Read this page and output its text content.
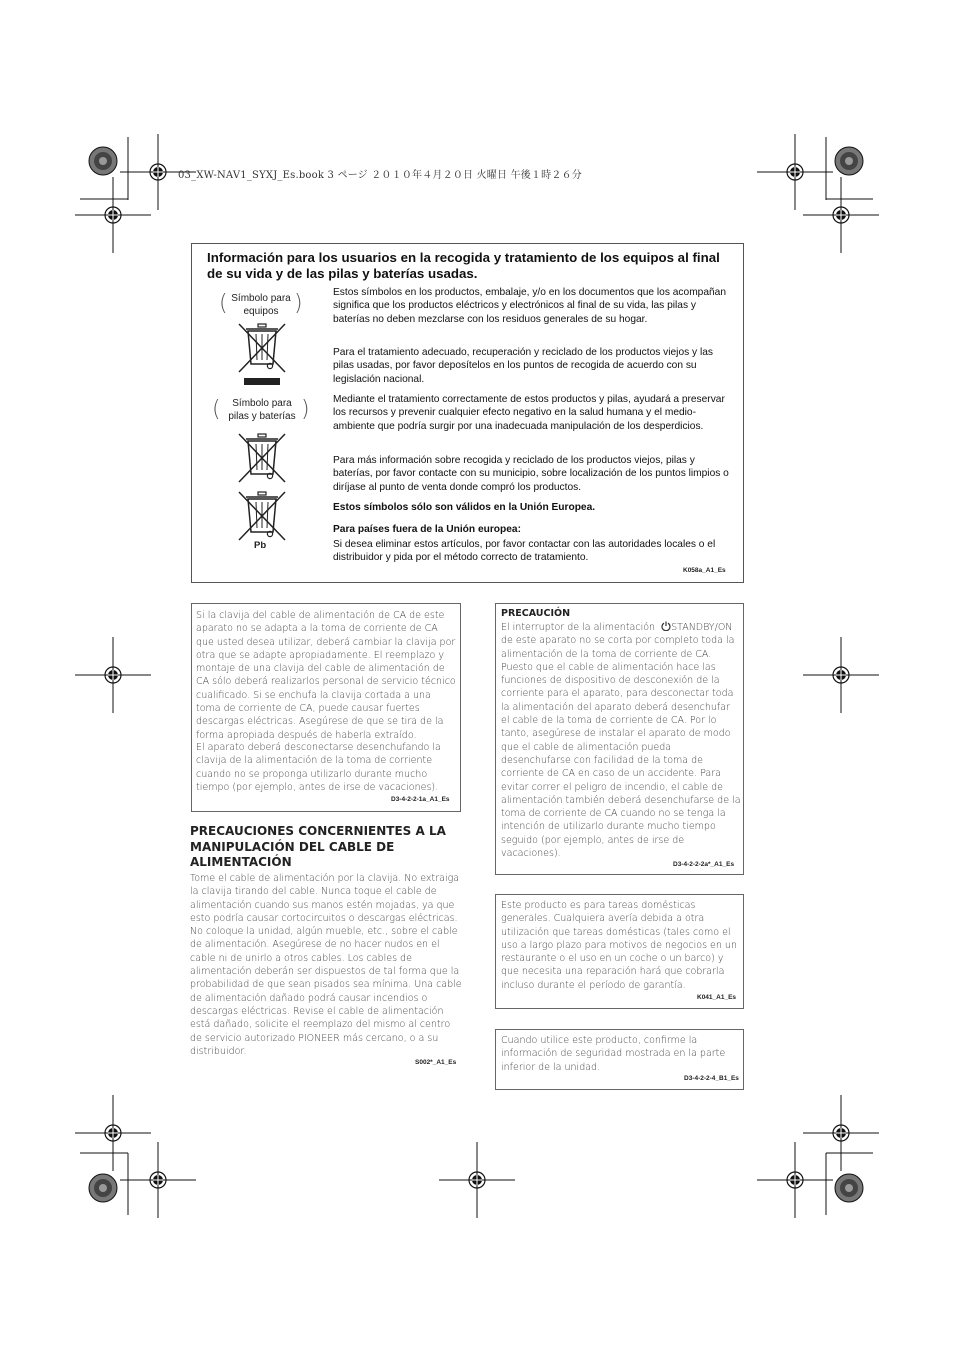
03_XW-NAV1_SYXJ_Es.book 3 ページ ２０１０年４月２０日 火曜日 午後１時２６分
Información para los usuarios en la recogida y tratamiento de los equipos al final de su vida y de las pilas y baterías usadas.
( Símbolo para equipos )
(	Símbolo para pilas y baterías )
Pb

Estos símbolos en los productos, embalaje, y/o en los documentos que los acompañan significa que los productos eléctricos y electrónicos al final de su vida, las pilas y baterías no deben mezclarse con los residuos generales de su hogar.

Para el tratamiento adecuado, recuperación y reciclado de los productos viejos y las pilas usadas, por favor deposítelos en los puntos de recogida de acuerdo con su legislación nacional.

Mediante el tratamiento correctamente de estos productos y pilas, ayudará a preservar los recursos y prevenir cualquier efecto negativo en la salud humana y el medio- ambiente que podría surgir por una inadecuada manipulación de los desperdicios.

Para más información sobre recogida y reciclado de los productos viejos, pilas y baterías, por favor contacte con su municipio, sobre localización de los puntos limpios o diríjase al punto de venta donde compró los productos.

Estos símbolos sólo son válidos en la Unión Europea.

Para países fuera de la Unión europea:

Si desea eliminar estos artículos, por favor contactar con las autoridades locales o el distribuidor y pida por el método correcto de tratamiento.

K058a_A1_Es

Si la clavija del cable de alimentación de CA de este aparato no se adapta a la toma de corriente de CA que usted desea utilizar, deberá cambiar la clavija por otra que se adapte apropiadamente. El reemplazo y montaje de una clavija del cable de alimentación de CA sólo deberá realizarlos personal de servicio técnico cualificado. Si se enchufa la clavija cortada a una toma de corriente de CA, puede causar fuertes descargas eléctricas. Asegúrese de que se tira de la forma apropiada después de haberla extraído.

El aparato deberá desconectarse desenchufando la clavija de la alimentación de la toma de corriente cuando no se proponga utilizarlo durante mucho tiempo (por ejemplo, antes de irse de vacaciones).

D3-4-2-2-1a_A1_Es
PRECAUCIONES CONCERNIENTES A LA MANIPULACIÓN DEL CABLE DE ALIMENTACIÓN

Tome el cable de alimentación por la clavija. No extraiga la clavija tirando del cable. Nunca toque el cable de alimentación cuando sus manos estén mojadas, ya que esto podría causar cortocircuitos o descargas eléctricas. No coloque la unidad, algún mueble, etc., sobre el cable de alimentación. Asegúrese de no hacer nudos en el cable ni de unirlo a otros cables. Los cables de alimentación deberán ser dispuestos de tal forma que la probabilidad de que sean pisados sea mínima. Una cable de alimentación dañado podrá causar incendios o descargas eléctricas. Revise el cable de alimentación está dañado, solicite el reemplazo del mismo al centro de servicio autorizado PIONEER más cercano, o a su distribuidor.

S002*_A1_Es
PRECAUCIÓN
El interruptor de la alimentación STANDBY/ON de este aparato no se corta por completo toda la alimentación de la toma de corriente de CA. Puesto que el cable de alimentación hace las funciones de dispositivo de desconexión de la corriente para el aparato, para desconectar toda la alimentación del aparato deberá desenchufar el cable de la toma de corriente de CA. Por lo tanto, asegúrese de instalar el aparato de modo que el cable de alimentación pueda desenchufarse con facilidad de la toma de corriente de CA en caso de un accidente. Para evitar correr el peligro de incendio, el cable de alimentación también deberá desenchufarse de la toma de corriente de CA cuando no se tenga la intención de utilizarlo durante mucho tiempo seguido (por ejemplo, antes de irse de vacaciones).
D3-4-2-2-2a*_A1_Es

Este producto es para tareas domésticas generales. Cualquiera avería debida a otra utilización que tareas domésticas (tales como el uso a largo plazo para motivos de negocios en un restaurante o el uso en un coche o un barco) y que necesita una reparación hará que cobrarla incluso durante el período de garantía.

K041_A1_Es

Cuando utilice este producto, confirme la información de seguridad mostrada en la parte inferior de la unidad.

D3-4-2-2-4_B1_Es
